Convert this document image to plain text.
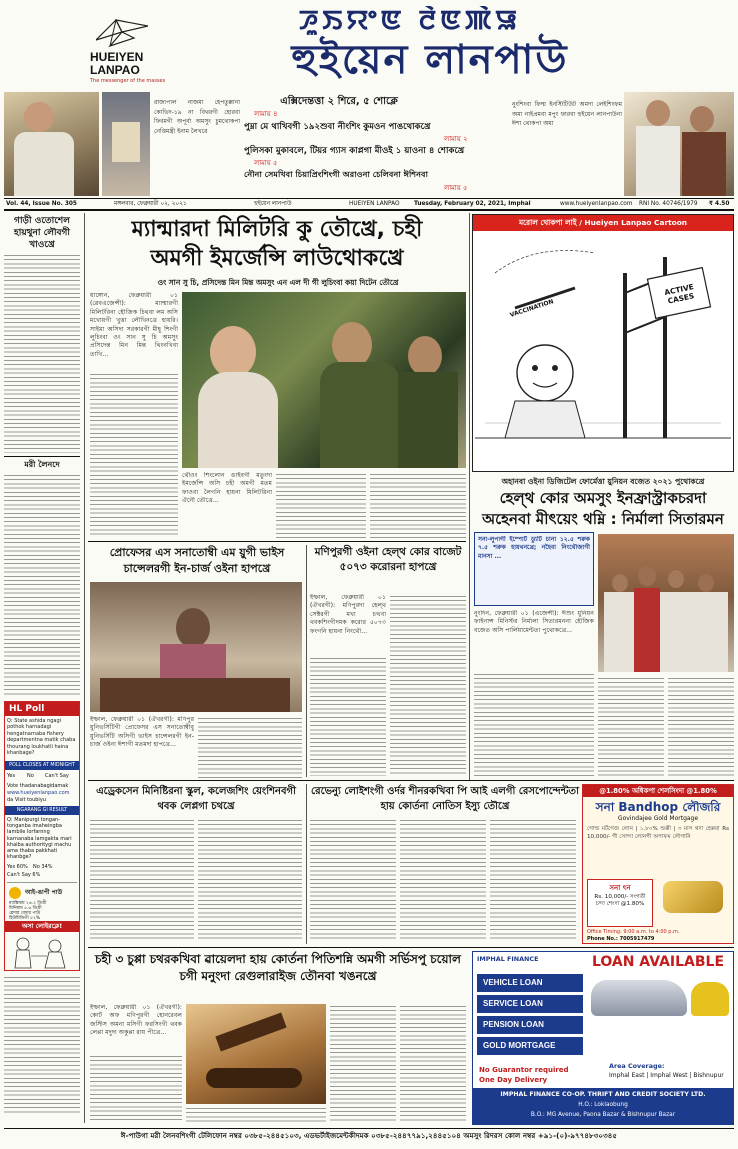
HUEIYEN LANPAO
The messenger of the masses
ꯍꯨꯏꯌꯦꯟ ꯂꯥꯟꯄꯥꯎ
হুইয়েন লানপাউ
রাজ্যপাল নাজমা হেপতুল্লানা কোভিদ-১৯ না বিথরগী হোরবা ফিবমগী অপূর্বা অমসুং চুমথোকপা নেত্তিমন্ত্রী ইনাম লৈখরে
এক্সিদেন্তত্তা ২ শিরে, ৫ শোক্লে
লামায় ৪
পুম্না মে থাখিবগী ১৯২শুবা নীংশিং কুমওন পাঙথোকখ্রে
লামায় ২
পুলিসকা মুকাবলে, টিয়র গ্যাস কাপ্লগা মীওই ১ য়াওনা ৪ শোকখ্রে
লামায় ৫
নৌনা সেমখিবা চিয়াপ্রিংশিংগী অরাওনা চেলিবনা ঈশিনবা
লামায় ৫
নুংশিংবা ফিল্ম ইনস্টিটিউট অমদা লেইশিংফম অমা নাইপ্রমবা মপুং ফারবা হুইয়েন লানপাউনা ঈশা থোকপা অমা
Vol. 44, Issue No. 305	মঙ্গলবার, ফেব্রুয়ারী ০২, ২০২১	হুইয়েন লানপাউ	HUEIYEN LANPAO Tuesday, February 02, 2021, Imphal	www.hueiyenlanpao.com RNI No. 40746/1979 ₹ 4.50
গাড়ী ওতোশেল হায়থুনা লৌবগী খাওখ্রে
মরী লৈনদে
HL Poll
Q: State ashida ngagi pothok harnadagi hengatnarnaba fishery departmentna matik chaba thourang loukhatli haina khanbage?
POLL CLOSES AT MIDNIGHT
Yes No Can't Say
Vote thadanabagidamak
www.hueiyenlanpao.com
da Visit toubiyu
NGARANG GI RESULT
Q: Manipurgi tongan-tonganba imaheingba lambile lorfarnng karnanaba lamgakta mari khaiba authoritygi machu ama thaba pakkhati khanbge?
Yes 60% No 34%
Can't Say 6%
আই-ঙাপী পাউ
ম্যাক্সিমাম ২৬.২ ডিগ্রী
মিনিমাম ৫.৬ ডিগ্রী
ৱেদার বেদার পাউ
হিউমিডিতী ৫২%
অসা লোইরক্লে!
ম্যান্মারদা মিলিটরি কু তৌখ্রে, চহী
অমগী ইমর্জেন্সি লাউথোকখ্রে
ওং সান সু চি, প্রসিদেন্ত মিন মিন্ত অমসুং এন এল দী গী লুচিংবা কয়া দিটেন তৌখ্রে
য়াঙ্গোন, ফেব্রুয়ারী ০১ (ৱেবএজেন্সী): ম্যান্মারগী মিলিটরিনা হৌজিক চিথবা লম অসি মখোয়গী খুত্তা লৌখিনখ্রে হায়রি। সাইমা অসিদা সরকারগী মীহূ শিংগী লুচিংবা ওং সান সু চি অমসুং প্রসিদেন্ত মিন মিন্ত থিংনখিবা তাখি...
থৌওং শিংলোন ঙাইবগী মতুংদা ইমর্জেন্সি অসি চহী অমগী মতম ফাওবা লৈগনি হায়না মিলিটরিনা ঐনৌ তৌখ্রে...
প্রোফেসর এস সনাতোম্বী এম য়ুগী ভাইস চান্সেলরগী ইন-চার্জ ওইনা হাপখ্রে
ইম্ফাল, ফেব্রুয়ারী ০১ (ঐখরগী): মণিপুর য়ুনিভর্সিটিগী প্রোফেসর এস সনাতোম্বীবু য়ুনিভর্সিটি অসিগী ভাইস চান্সেলরগী ইন-চার্জ ওইনা ঈশাগী মতমদা হাপখ্রে...
মণিপুরগী ওইনা হেল্থ কোর বাজেট ৫০৭৩ করোরনা হাপখ্রে
ইম্ফাল, ফেব্রুয়ারী ০১ (ঐখরগী): মণিপুরদা হেল্থ সেক্টরগী মখা চত্থবা থবকশিংগীদমক করোর ৫০৭৩ ফংগনি হায়না নিংথৌ...
মরোল থোকপা লাই / Hueiyen Lanpao Cartoon
ACTIVE CASES
VACCINATION
অহানবা ওইনা ডিজিটেল ফোর্মেত্তা য়ুনিয়ন বজেত ২০২১ পুথোকখ্রে
হেল্থ কোর অমসুং ইনফ্রাস্ট্রাকচরদা
অহেনবা মীৎয়েং থম্নি : নির্মালা সিতারমন
সনা-লুপাগী ইম্পোর্ট ড্যুটি চানা ১২.৫ শরুক ৭.৫ শরুক হায়থনখ্রে; নহৈবা নিংথৌজাগী মানসা ...
নুংদিন, ফেব্রুয়ারী ০১ (এজেন্সী): ঈশুং য়ুনিয়ন ফাইনান্স মিনিস্টর নির্মালা সিতারমননা হৌজিক বজেত অসি পার্লিয়ামেন্টতা পুথোকখ্রে...
এড্রেকসেন মিনিষ্টিরনা স্কুল, কলেজশিং য়েংশিনবগী থবক লেপ্লগা চথখ্রে
রেভেন্যু লোইশংগী ওর্দর শীনরকখিবা পি আই এলগী রেসপোন্দেন্টতা হায় কোর্তনা নোতিস ইস্যু তৌখ্রে
@1.80% অধিকপা শেলসিংদা @1.80%
সনা Bandhop লৌজরি
Govindajee Gold Mortgage
গোল্ড মর্টগেজ লোন | ১.৮০% শুক্কী | ৩ মাস থদা হেল্লবা Rs 10,000/- গী সোন্দা লোনগী অপাফম লৌগানি
সনা ৎন
Rs. 10,000/- সংগতী চন্দা শেংদা @1.80%
Office Timing: 9:00 a.m. to 4:00 p.m.
Phone No.: 7005917479
চহী ৩ চুপ্পা চথরকখিবা ৱায়েলদা হায় কোর্তনা পিতিশন্নি অমগী সর্ভিসপু চয়োল চগী মনুংদা রেগুলারাইজ তৌনবা খঙনখ্রে
ইম্ফাল, ফেব্রুয়ারী ০১ (ঐখরগী): কোর্ট অফ মণিপুরগী হোনরেবল জস্টিস অমনা মসিগী ফরসিংগী থবক লেপ্পা মদুদা অকুপ্পা রায় পীখ্রে...
IMPHAL FINANCE	LOAN AVAILABLE
VEHICLE LOAN
SERVICE LOAN
PENSION LOAN
GOLD MORTGAGE
No Guarantor required
One Day Delivery
Area Coverage:
Imphal East | Imphal West | Bishnupur
IMPHAL FINANCE CO-OP. THRIFT AND CREDIT SOCIETY LTD.
H.O.: Loklaobung
B.O.: MG Avenue, Paona Bazar & Bishnupur Bazar
ঈ-পাউগা মরী লৈনবশিংগী টেলিফোন নম্বর ০৩৮৫-২৪৪৫১০৩, এডভর্টাইজমেন্টকীদমক ০৩৮৫-২৪৪৭৭৯১,২৪৪৫১০৪ অমসুং রিদরস কোল নম্বর +৯১-(০)-৯৭৭৪৮৩০৩৪৫
